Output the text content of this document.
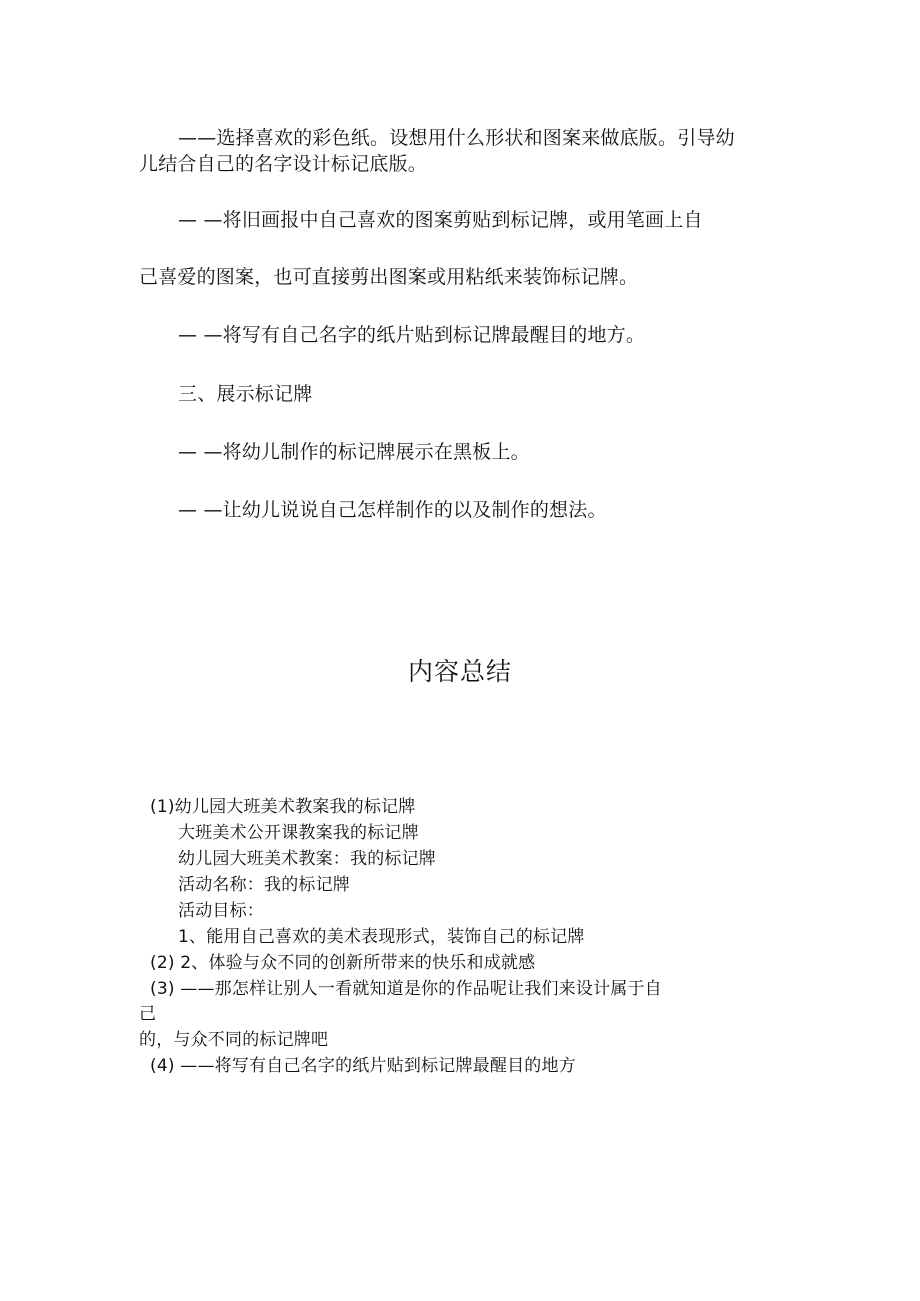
——选择喜欢的彩色纸。设想用什么形状和图案来做底版。引导幼
儿结合自己的名字设计标记底版。
— —将旧画报中自己喜欢的图案剪贴到标记牌，或用笔画上自
己喜爱的图案，也可直接剪出图案或用粘纸来装饰标记牌。
— —将写有自己名字的纸片贴到标记牌最醒目的地方。
三、展示标记牌
— —将幼儿制作的标记牌展示在黑板上。
— —让幼儿说说自己怎样制作的以及制作的想法。
内容总结
(1)幼儿园大班美术教案我的标记牌
大班美术公开课教案我的标记牌
幼儿园大班美术教案：我的标记牌
活动名称：我的标记牌
活动目标：
1、能用自己喜欢的美术表现形式，装饰自己的标记牌
(2) 2、体验与众不同的创新所带来的快乐和成就感
(3) ——那怎样让别人一看就知道是你的作品呢让我们来设计属于自
己
的，与众不同的标记牌吧
(4) ——将写有自己名字的纸片贴到标记牌最醒目的地方
